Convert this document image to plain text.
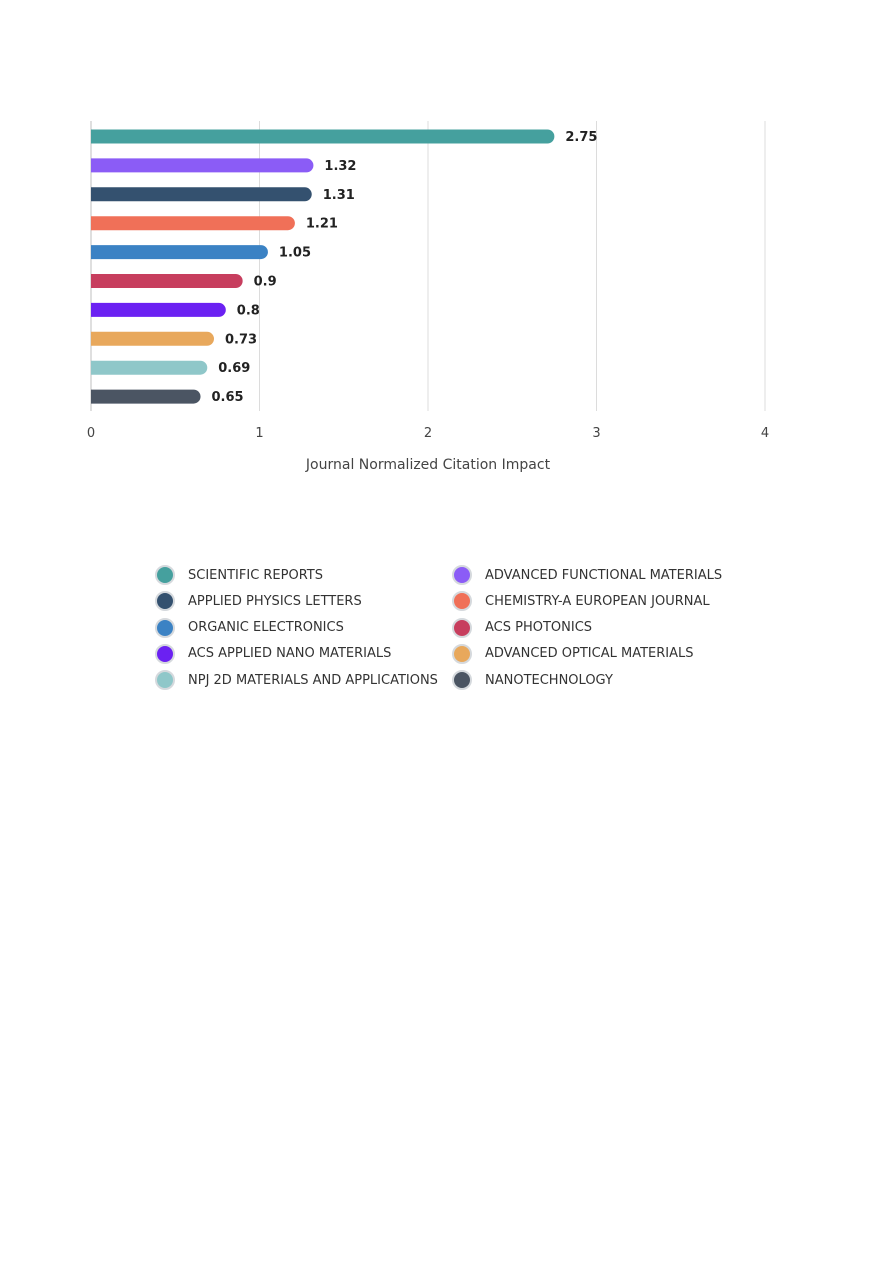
2.75
1.32
1.31
1.21
1.05
0.9
0.8
0.73
0.69
0.65
0	1	2	3	4
Journal Normalized Citation Impact
SCIENTIFIC REPORTS	ADVANCED FUNCTIONAL MATERIALS
APPLIED PHYSICS LETTERS	CHEMISTRY-A EUROPEAN JOURNAL
ORGANIC ELECTRONICS	ACS PHOTONICS
ACS APPLIED NANO MATERIALS	ADVANCED OPTICAL MATERIALS
NPJ 2D MATERIALS AND APPLICATIONS	NANOTECHNOLOGY
